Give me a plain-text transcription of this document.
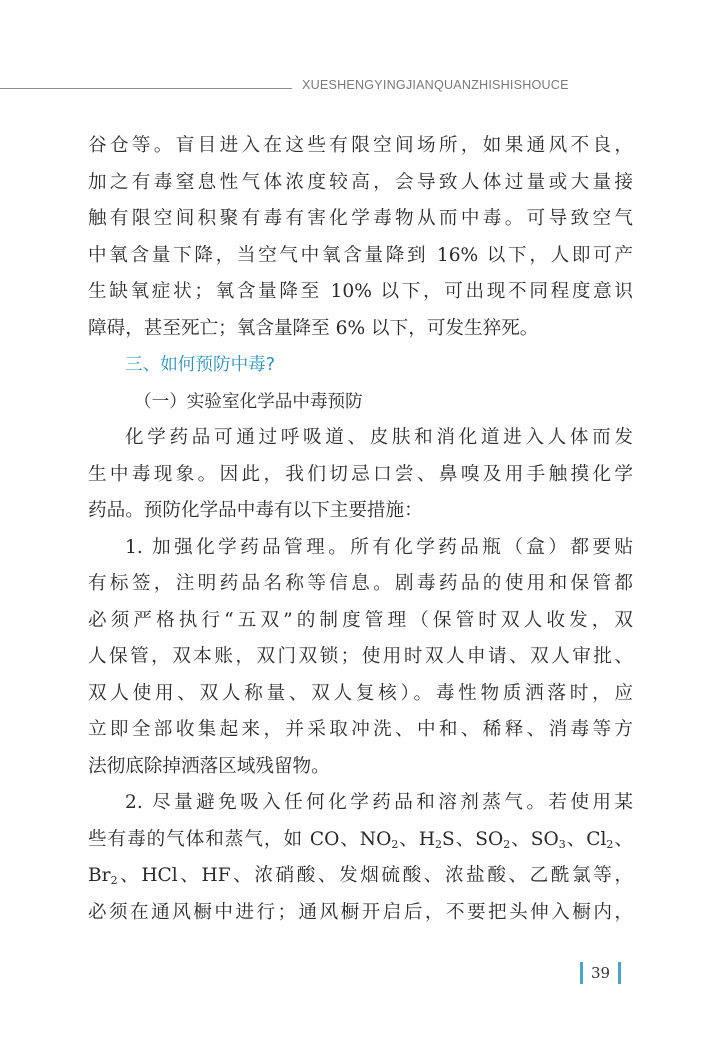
XUESHENGYINGJIANQUANZHISHISHOUCE
谷仓等。盲目进入在这些有限空间场所，如果通风不良，
加之有毒窒息性气体浓度较高，会导致人体过量或大量接
触有限空间积聚有毒有害化学毒物从而中毒。可导致空气
中氧含量下降，当空气中氧含量降到 16% 以下，人即可产
生缺氧症状；氧含量降至 10% 以下，可出现不同程度意识
障碍，甚至死亡；氧含量降至 6% 以下，可发生猝死。
三、如何预防中毒?
（一）实验室化学品中毒预防
化学药品可通过呼吸道、皮肤和消化道进入人体而发
生中毒现象。因此，我们切忌口尝、鼻嗅及用手触摸化学
药品。预防化学品中毒有以下主要措施：
1. 加强化学药品管理。所有化学药品瓶（盒）都要贴
有标签，注明药品名称等信息。剧毒药品的使用和保管都
必须严格执行“五双”的制度管理（保管时双人收发，双
人保管，双本账，双门双锁；使用时双人申请、双人审批、
双人使用、双人称量、双人复核）。毒性物质洒落时，应
立即全部收集起来，并采取冲洗、中和、稀释、消毒等方
法彻底除掉洒落区域残留物。
2. 尽量避免吸入任何化学药品和溶剂蒸气。若使用某
些有毒的气体和蒸气，如 CO、$NO_2$、$H_2S$、$SO_2$、$SO_3$、$Cl_2$、
$Br_2$、HCl、HF、浓硝酸、发烟硫酸、浓盐酸、乙酰氯等，
必须在通风橱中进行；通风橱开启后，不要把头伸入橱内，
39
